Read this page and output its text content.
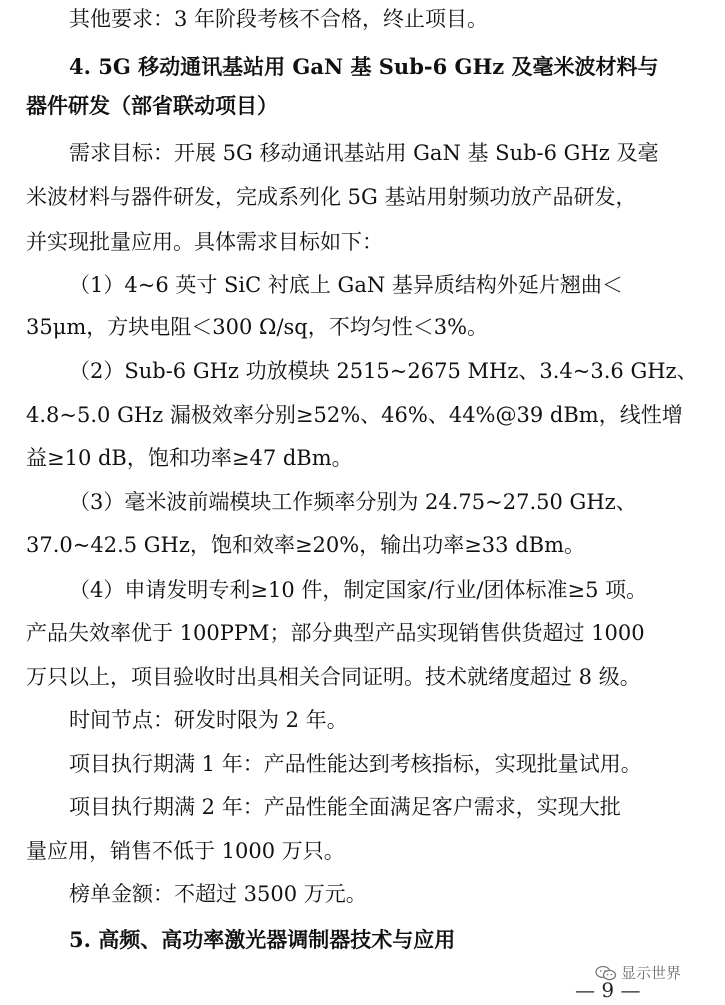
其他要求：3 年阶段考核不合格，终止项目。

4. 5G 移动通讯基站用 GaN 基 Sub-6 GHz 及毫米波材料与

器件研发（部省联动项目）

需求目标：开展 5G 移动通讯基站用 GaN 基 Sub-6 GHz 及毫

米波材料与器件研发，完成系列化 5G 基站用射频功放产品研发，

并实现批量应用。具体需求目标如下：

（1）4~6 英寸 SiC 衬底上 GaN 基异质结构外延片翘曲＜

35μm，方块电阻＜300 Ω/sq，不均匀性＜3%。

（2）Sub-6 GHz 功放模块 2515~2675 MHz、3.4~3.6 GHz、

4.8~5.0 GHz 漏极效率分别≥52%、46%、44%@39 dBm，线性增

益≥10 dB，饱和功率≥47 dBm。

（3）毫米波前端模块工作频率分别为 24.75~27.50 GHz、

37.0~42.5 GHz，饱和效率≥20%，输出功率≥33 dBm。

（4）申请发明专利≥10 件，制定国家/行业/团体标准≥5 项。

产品失效率优于 100PPM；部分典型产品实现销售供货超过 1000

万只以上，项目验收时出具相关合同证明。技术就绪度超过 8 级。

时间节点：研发时限为 2 年。

项目执行期满 1 年：产品性能达到考核指标，实现批量试用。

项目执行期满 2 年：产品性能全面满足客户需求，实现大批

量应用，销售不低于 1000 万只。

榜单金额：不超过 3500 万元。

5. 高频、高功率激光器调制器技术与应用

显示世界
— 9 —
